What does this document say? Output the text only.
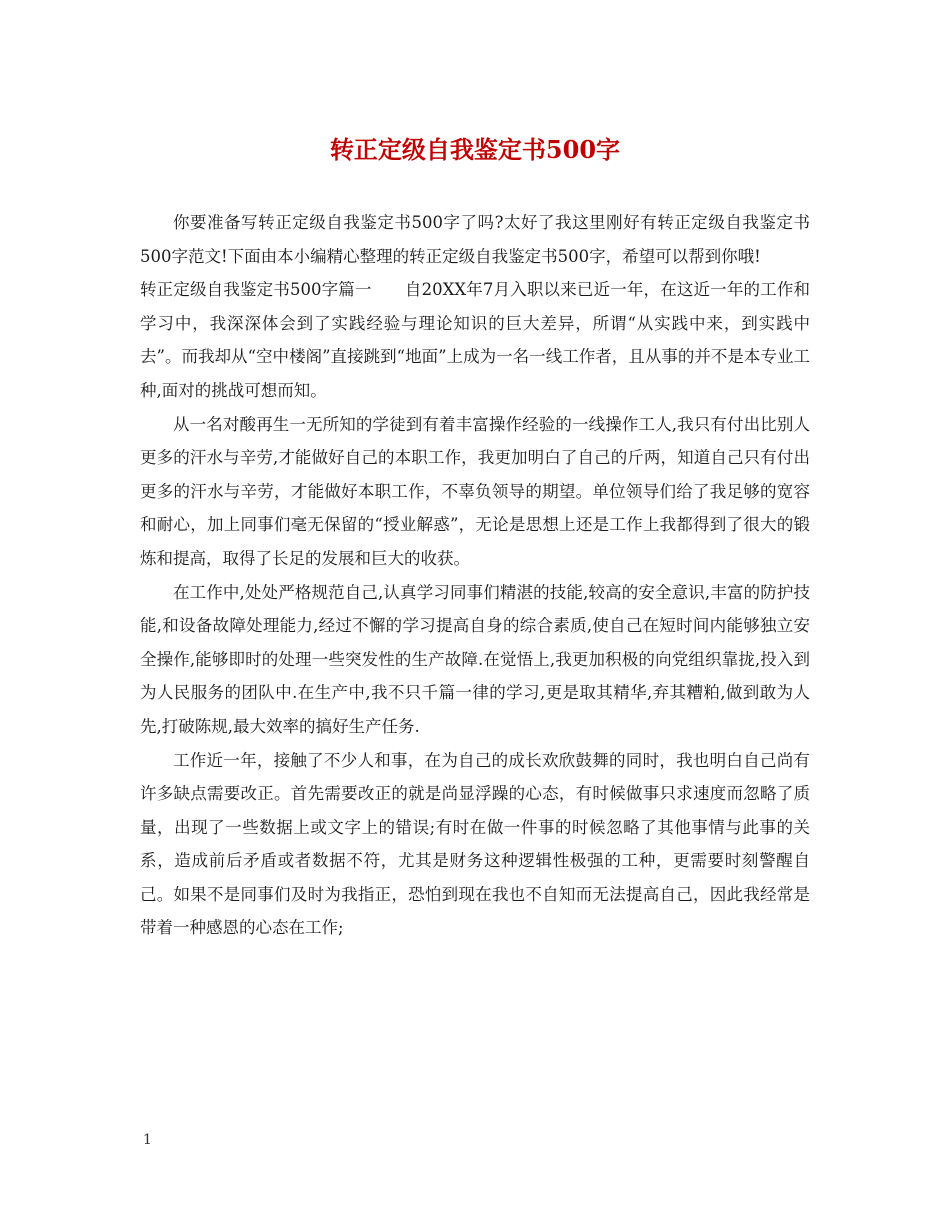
转正定级自我鉴定书500字

你要准备写转正定级自我鉴定书500字了吗?太好了我这里刚好有转正定级自我鉴定书500字范文!下面由本小编精心整理的转正定级自我鉴定书500字，希望可以帮到你哦!

转正定级自我鉴定书500字篇一　　自20XX年7月入职以来已近一年，在这近一年的工作和学习中，我深深体会到了实践经验与理论知识的巨大差异，所谓“从实践中来，到实践中去”。而我却从“空中楼阁”直接跳到“地面”上成为一名一线工作者，且从事的并不是本专业工种,面对的挑战可想而知。

从一名对酸再生一无所知的学徒到有着丰富操作经验的一线操作工人,我只有付出比别人更多的汗水与辛劳,才能做好自己的本职工作，我更加明白了自己的斤两，知道自己只有付出更多的汗水与辛劳，才能做好本职工作，不辜负领导的期望。单位领导们给了我足够的宽容和耐心，加上同事们毫无保留的“授业解惑”，无论是思想上还是工作上我都得到了很大的锻炼和提高，取得了长足的发展和巨大的收获。

在工作中,处处严格规范自己,认真学习同事们精湛的技能,较高的安全意识,丰富的防护技能,和设备故障处理能力,经过不懈的学习提高自身的综合素质,使自己在短时间内能够独立安全操作,能够即时的处理一些突发性的生产故障.在觉悟上,我更加积极的向党组织靠拢,投入到为人民服务的团队中.在生产中,我不只千篇一律的学习,更是取其精华,弃其糟粕,做到敢为人先,打破陈规,最大效率的搞好生产任务.

工作近一年，接触了不少人和事，在为自己的成长欢欣鼓舞的同时，我也明白自己尚有许多缺点需要改正。首先需要改正的就是尚显浮躁的心态，有时候做事只求速度而忽略了质量，出现了一些数据上或文字上的错误;有时在做一件事的时候忽略了其他事情与此事的关系，造成前后矛盾或者数据不符，尤其是财务这种逻辑性极强的工种，更需要时刻警醒自己。如果不是同事们及时为我指正，恐怕到现在我也不自知而无法提高自己，因此我经常是带着一种感恩的心态在工作;

1
